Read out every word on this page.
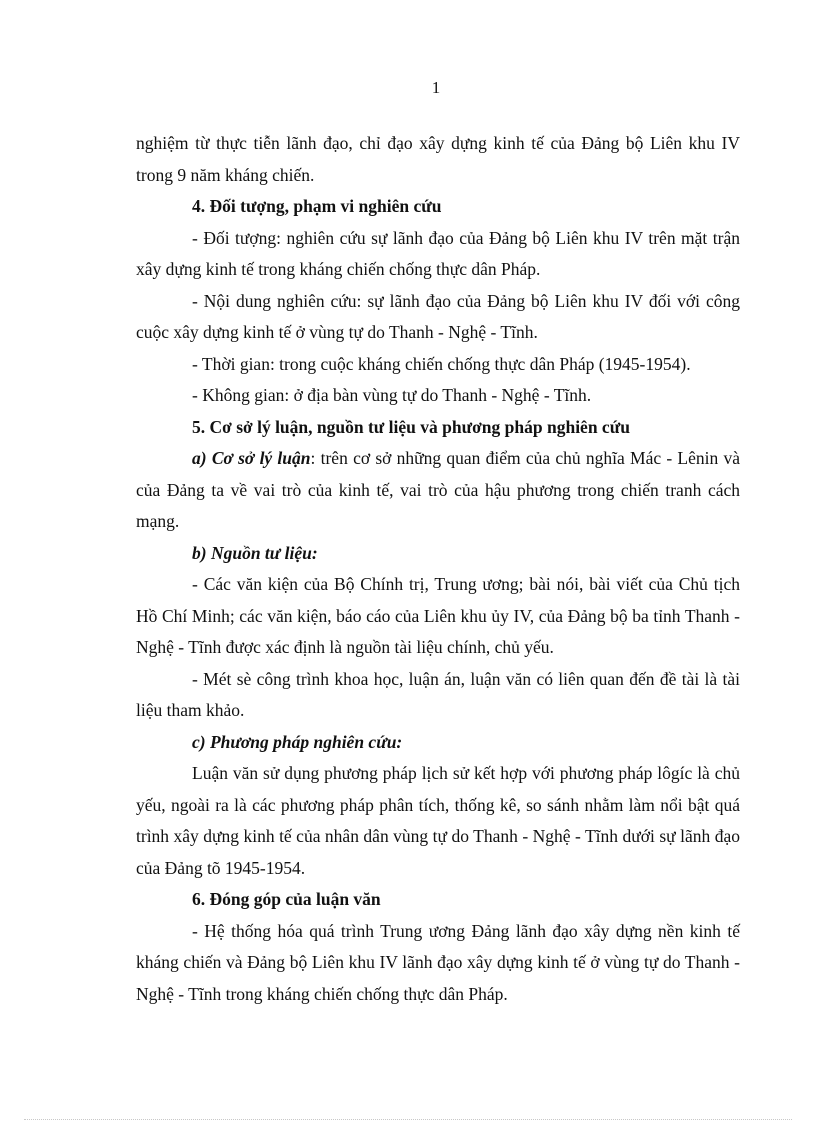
1

nghiệm từ thực tiễn lãnh đạo, chỉ đạo xây dựng kinh tế của Đảng bộ Liên khu IV trong 9 năm kháng chiến.

4. Đối tượng, phạm vi nghiên cứu

- Đối tượng: nghiên cứu sự lãnh đạo của Đảng bộ Liên khu IV trên mặt trận xây dựng kinh tế trong kháng chiến chống thực dân Pháp.

- Nội dung nghiên cứu: sự lãnh đạo của Đảng bộ Liên khu IV đối với công cuộc xây dựng kinh tế ở vùng tự do Thanh - Nghệ - Tĩnh.

- Thời gian: trong cuộc kháng chiến chống thực dân Pháp (1945-1954).

- Không gian: ở địa bàn vùng tự do Thanh - Nghệ - Tĩnh.

5. Cơ sở lý luận, nguồn tư liệu và phương pháp nghiên cứu

a) Cơ sở lý luận: trên cơ sở những quan điểm của chủ nghĩa Mác - Lênin và của Đảng ta về vai trò của kinh tế, vai trò của hậu phương trong chiến tranh cách mạng.

b) Nguồn tư liệu:

- Các văn kiện của Bộ Chính trị, Trung ương; bài nói, bài viết của Chủ tịch Hồ Chí Minh; các văn kiện, báo cáo của Liên khu ủy IV, của Đảng bộ ba tỉnh Thanh - Nghệ - Tĩnh được xác định là nguồn tài liệu chính, chủ yếu.

- Mét sè công trình khoa học, luận án, luận văn có liên quan đến đề tài là tài liệu tham khảo.

c) Phương pháp nghiên cứu:

Luận văn sử dụng phương pháp lịch sử kết hợp với phương pháp lôgíc là chủ yếu, ngoài ra là các phương pháp phân tích, thống kê, so sánh nhằm làm nổi bật quá trình xây dựng kinh tế của nhân dân vùng tự do Thanh - Nghệ - Tĩnh dưới sự lãnh đạo của Đảng tõ 1945-1954.

6. Đóng góp của luận văn

- Hệ thống hóa quá trình Trung ương Đảng lãnh đạo xây dựng nền kinh tế kháng chiến và Đảng bộ Liên khu IV lãnh đạo xây dựng kinh tế ở vùng tự do Thanh - Nghệ - Tĩnh trong kháng chiến chống thực dân Pháp.
